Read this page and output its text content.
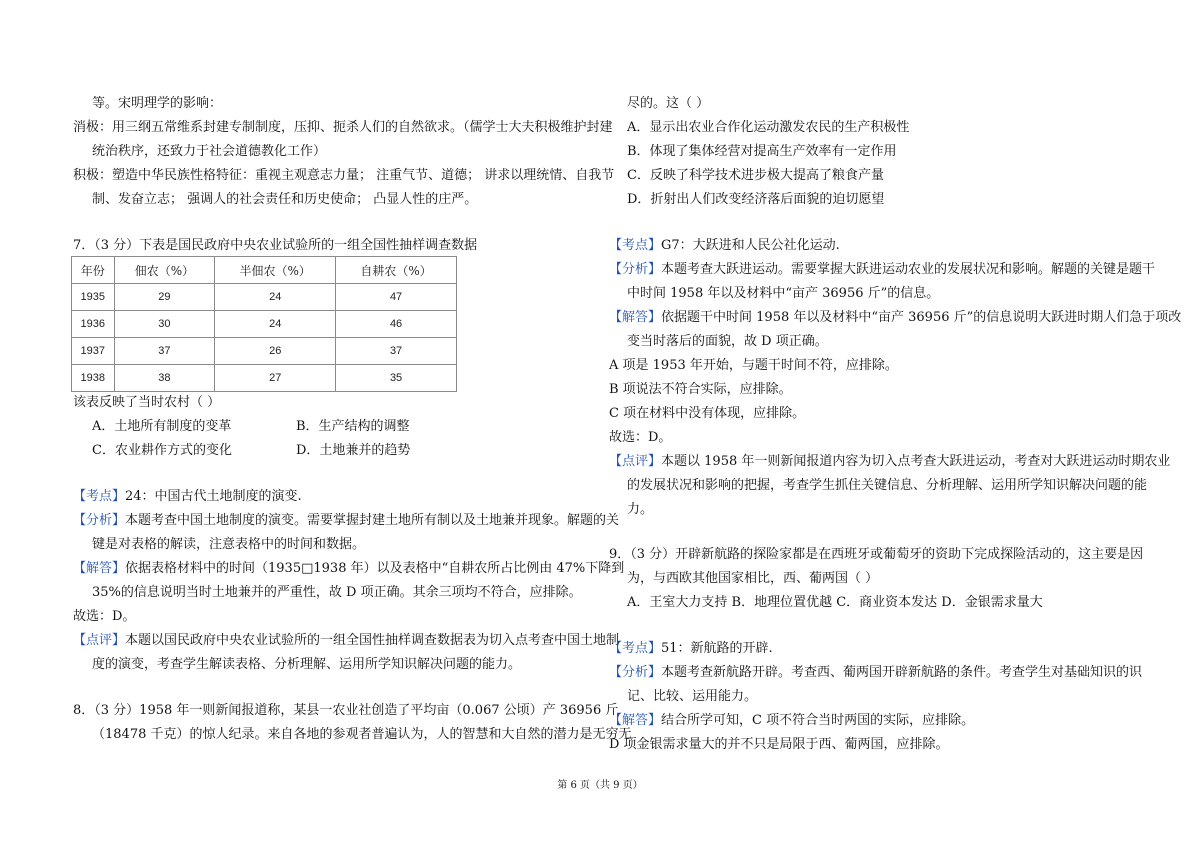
等。宋明理学的影响：
消极：用三纲五常维系封建专制制度，压抑、扼杀人们的自然欲求。（儒学士大夫积极维护封建
统治秩序，还致力于社会道德教化工作）
积极：塑造中华民族性格特征：重视主观意志力量； 注重气节、道德； 讲求以理统情、自我节
制、发奋立志； 强调人的社会责任和历史使命； 凸显人性的庄严。
7．（3 分）下表是国民政府中央农业试验所的一组全国性抽样调查数据
年份	佃农（%）	半佃农（%）	自耕农（%）
1935	29	24	47
1936	30	24	46
1937	37	26	37
1938	38	27	35
该表反映了当时农村（ ）
A．土地所有制度的变革	B．生产结构的调整
C．农业耕作方式的变化	D．土地兼并的趋势
【考点】24：中国古代土地制度的演变.
【分析】本题考查中国土地制度的演变。需要掌握封建土地所有制以及土地兼并现象。解题的关
键是对表格的解读，注意表格中的时间和数据。
【解答】依据表格材料中的时间（1935□1938 年）以及表格中“自耕农所占比例由 47%下降到
35%的信息说明当时土地兼并的严重性，故 D 项正确。其余三项均不符合，应排除。
故选：D。
【点评】本题以国民政府中央农业试验所的一组全国性抽样调查数据表为切入点考查中国土地制
度的演变，考查学生解读表格、分析理解、运用所学知识解决问题的能力。
8．（3 分）1958 年一则新闻报道称，某县一农业社创造了平均亩（0.067 公顷）产 36956 斤
（18478 千克）的惊人纪录。来自各地的参观者普遍认为，人的智慧和大自然的潜力是无穷无
尽的。这（ ）
A．显示出农业合作化运动激发农民的生产积极性
B．体现了集体经营对提高生产效率有一定作用
C．反映了科学技术进步极大提高了粮食产量
D．折射出人们改变经济落后面貌的迫切愿望
【考点】G7：大跃进和人民公社化运动.
【分析】本题考查大跃进运动。需要掌握大跃进运动农业的发展状况和影响。解题的关键是题干
中时间 1958 年以及材料中“亩产 36956 斤”的信息。
【解答】依据题干中时间 1958 年以及材料中“亩产 36956 斤”的信息说明大跃进时期人们急于项改
变当时落后的面貌，故 D 项正确。
A 项是 1953 年开始，与题干时间不符，应排除。
B 项说法不符合实际，应排除。
C 项在材料中没有体现，应排除。
故选：D。
【点评】本题以 1958 年一则新闻报道内容为切入点考查大跃进运动，考查对大跃进运动时期农业
的发展状况和影响的把握，考查学生抓住关键信息、分析理解、运用所学知识解决问题的能
力。
9．（3 分）开辟新航路的探险家都是在西班牙或葡萄牙的资助下完成探险活动的，这主要是因
为，与西欧其他国家相比，西、葡两国（ ）
A．王室大力支持 B．地理位置优越 C．商业资本发达 D．金银需求量大
【考点】51：新航路的开辟.
【分析】本题考查新航路开辟。考查西、葡两国开辟新航路的条件。考查学生对基础知识的识
记、比较、运用能力。
【解答】结合所学可知，C 项不符合当时两国的实际，应排除。
D 项金银需求量大的并不只是局限于西、葡两国，应排除。
第 6 页（共 9 页）
